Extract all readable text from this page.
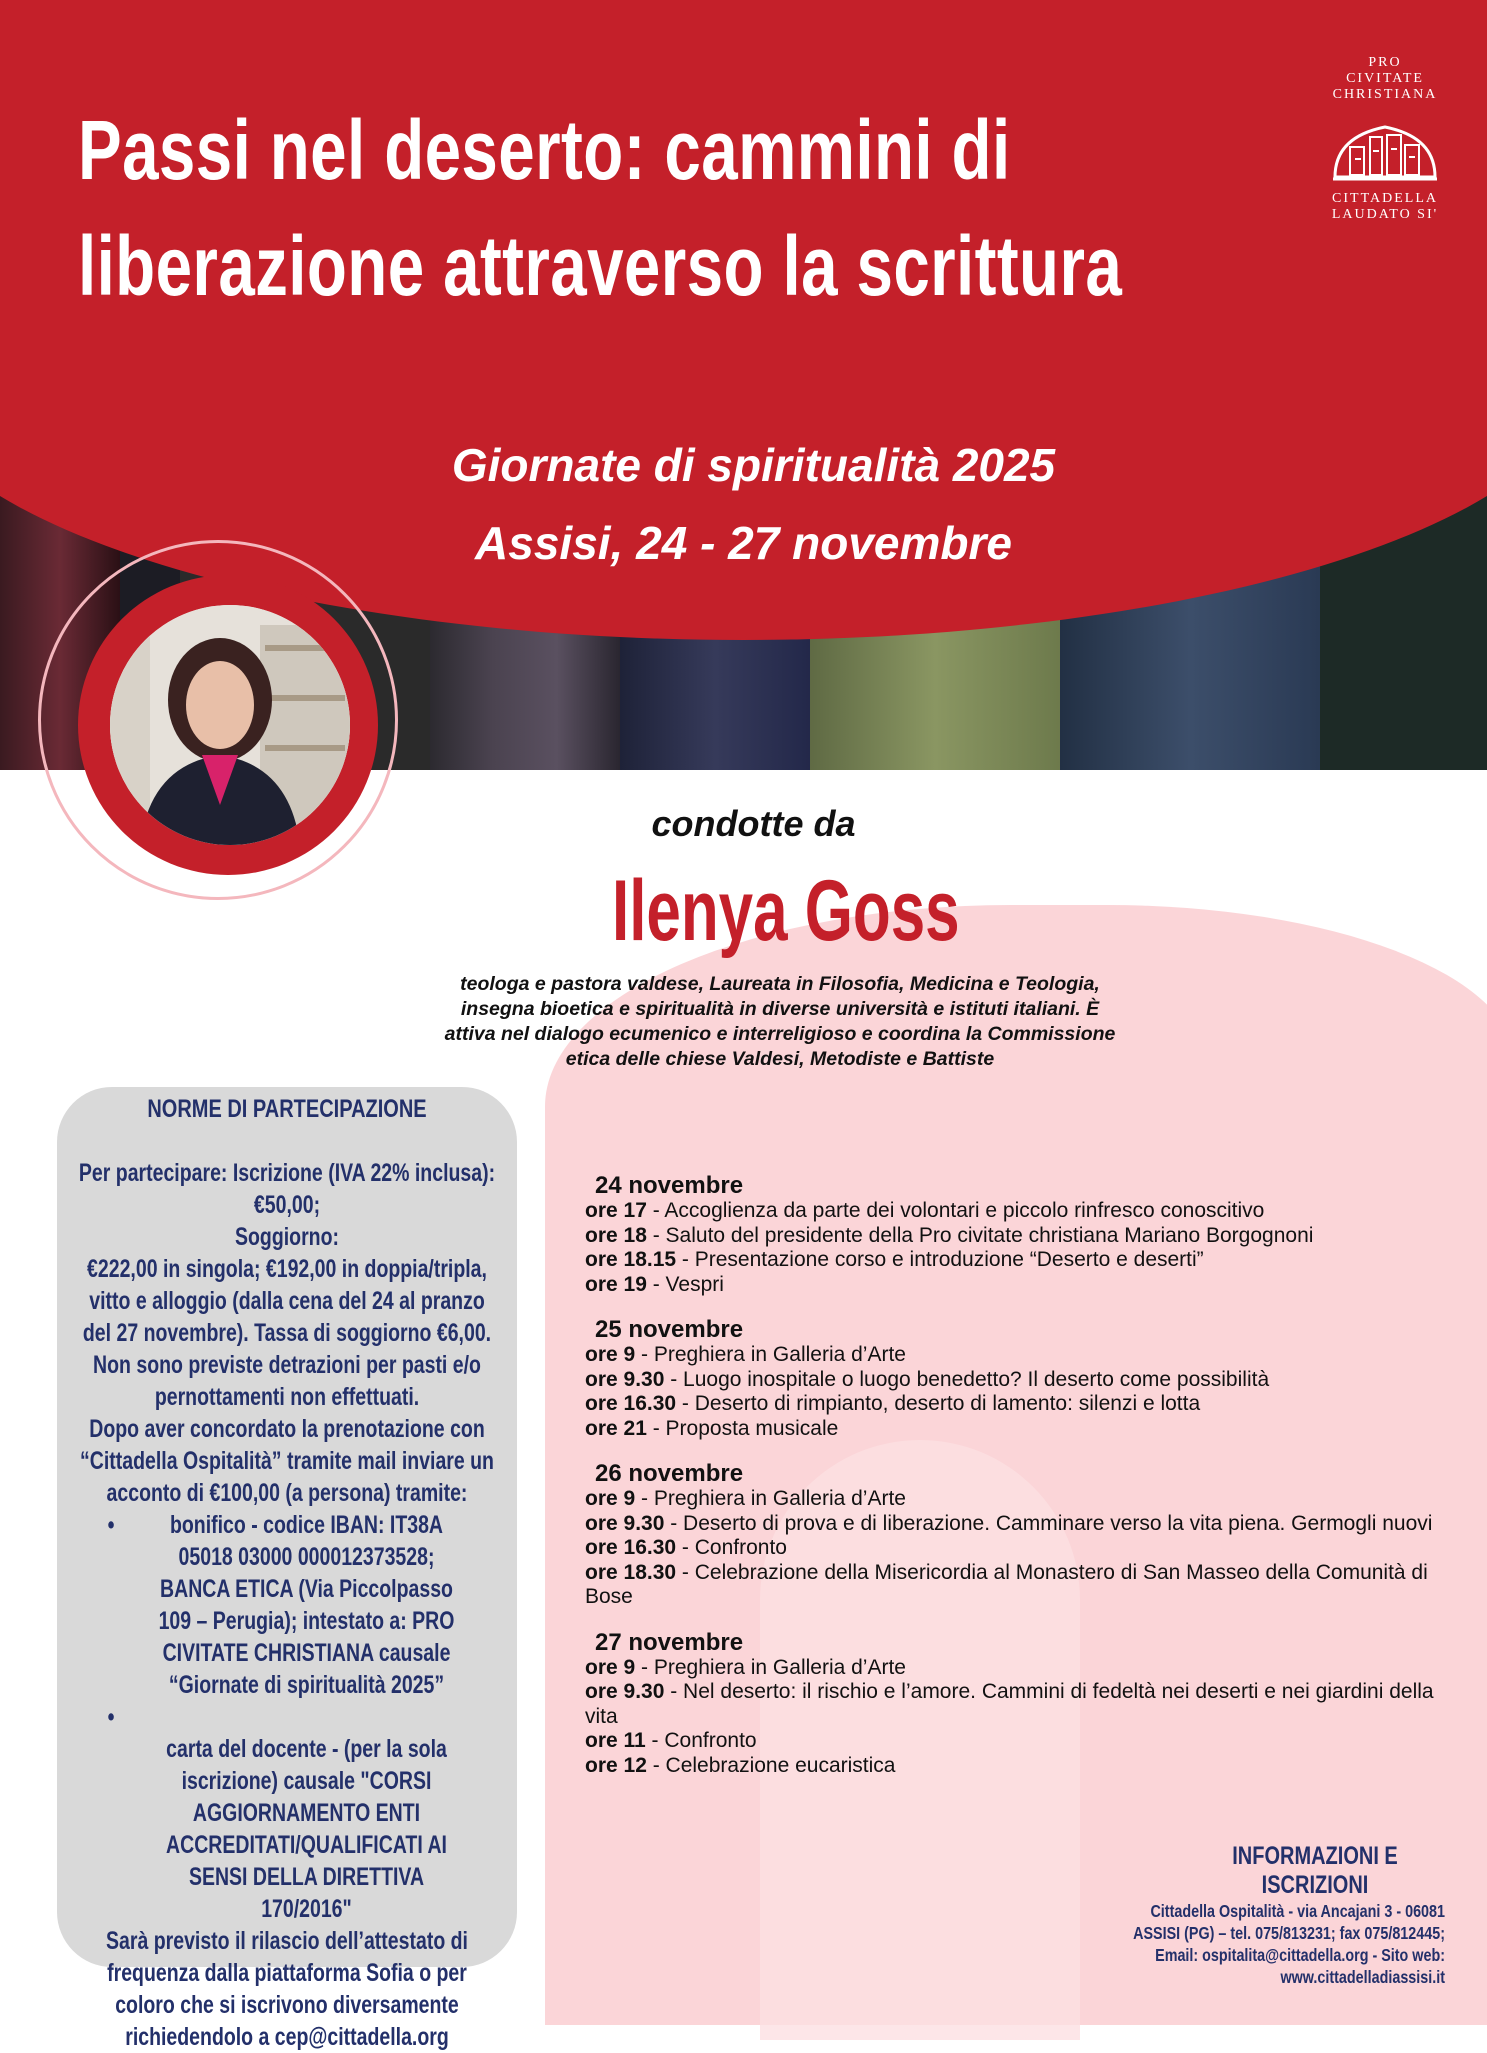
Passi nel deserto: cammini di
liberazione attraverso la scrittura
Giornate di spiritualità 2025
Assisi, 24 - 27 novembre
PRO
CIVITATE
CHRISTIANA
CITTADELLA
LAUDATO SI'
condotte da
Ilenya Goss
teologa e pastora valdese, Laureata in Filosofia, Medicina e Teologia,
insegna bioetica e spiritualità in diverse università e istituti italiani. È
attiva nel dialogo ecumenico e interreligioso e coordina la Commissione
etica delle chiese Valdesi, Metodiste e Battiste
NORME DI PARTECIPAZIONE

Per partecipare: Iscrizione (IVA 22% inclusa): €50,00;

Soggiorno:

€222,00 in singola; €192,00 in doppia/tripla, vitto e alloggio (dalla cena del 24 al pranzo del 27 novembre). Tassa di soggiorno €6,00.

Non sono previste detrazioni per pasti e/o pernottamenti non effettuati.

Dopo aver concordato la prenotazione con “Cittadella Ospitalità” tramite mail inviare un acconto di €100,00 (a persona) tramite:

• bonifico - codice IBAN: IT38A 05018 03000 000012373528; BANCA ETICA (Via Piccolpasso 109 – Perugia); intestato a: PRO CIVITATE CHRISTIANA causale “Giornate di spiritualità 2025”

• carta del docente - (per la sola iscrizione) causale "CORSI AGGIORNAMENTO ENTI ACCREDITATI/QUALIFICATI AI SENSI DELLA DIRETTIVA 170/2016"

Sarà previsto il rilascio dell’attestato di frequenza dalla piattaforma Sofia o per coloro che si iscrivono diversamente richiedendolo a cep@cittadella.org

24 novembre
ore 17 - Accoglienza da parte dei volontari e piccolo rinfresco conoscitivo
ore 18 - Saluto del presidente della Pro civitate christiana Mariano Borgognoni
ore 18.15 - Presentazione corso e introduzione “Deserto e deserti”
ore 19 - Vespri
25 novembre
ore 9 - Preghiera in Galleria d’Arte
ore 9.30 - Luogo inospitale o luogo benedetto? Il deserto come possibilità
ore 16.30 - Deserto di rimpianto, deserto di lamento: silenzi e lotta
ore 21 - Proposta musicale
26 novembre
ore 9 - Preghiera in Galleria d’Arte
ore 9.30 - Deserto di prova e di liberazione. Camminare verso la vita piena. Germogli nuovi
ore 16.30 - Confronto
ore 18.30 - Celebrazione della Misericordia al Monastero di San Masseo della Comunità di Bose
27 novembre
ore 9 - Preghiera in Galleria d’Arte
ore 9.30 - Nel deserto: il rischio e l’amore. Cammini di fedeltà nei deserti e nei giardini della vita
ore 11 - Confronto
ore 12 - Celebrazione eucaristica
INFORMAZIONI E ISCRIZIONI
Cittadella Ospitalità - via Ancajani 3 - 06081
ASSISI (PG) – tel. 075/813231; fax 075/812445;
Email: ospitalita@cittadella.org - Sito web:
www.cittadelladiassisi.it
